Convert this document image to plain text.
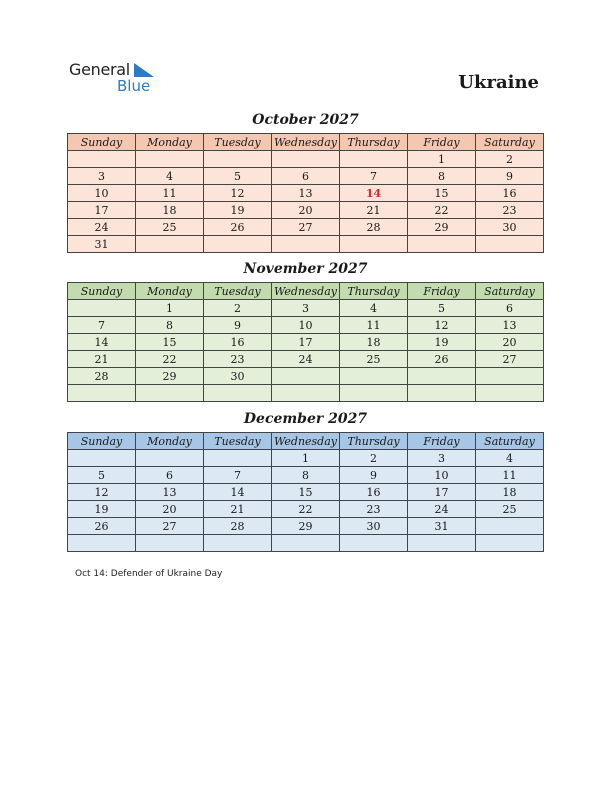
General
Blue	Ukraine
October 2027
Sunday	Monday	Tuesday	Wednesday	Thursday	Friday	Saturday
					1	2
3	4	5	6	7	8	9
10	11	12	13	14	15	16
17	18	19	20	21	22	23
24	25	26	27	28	29	30
31						
November 2027
Sunday	Monday	Tuesday	Wednesday	Thursday	Friday	Saturday
	1	2	3	4	5	6
7	8	9	10	11	12	13
14	15	16	17	18	19	20
21	22	23	24	25	26	27
28	29	30				

December 2027
Sunday	Monday	Tuesday	Wednesday	Thursday	Friday	Saturday
			1	2	3	4
5	6	7	8	9	10	11
12	13	14	15	16	17	18
19	20	21	22	23	24	25
26	27	28	29	30	31	

Oct 14: Defender of Ukraine Day
